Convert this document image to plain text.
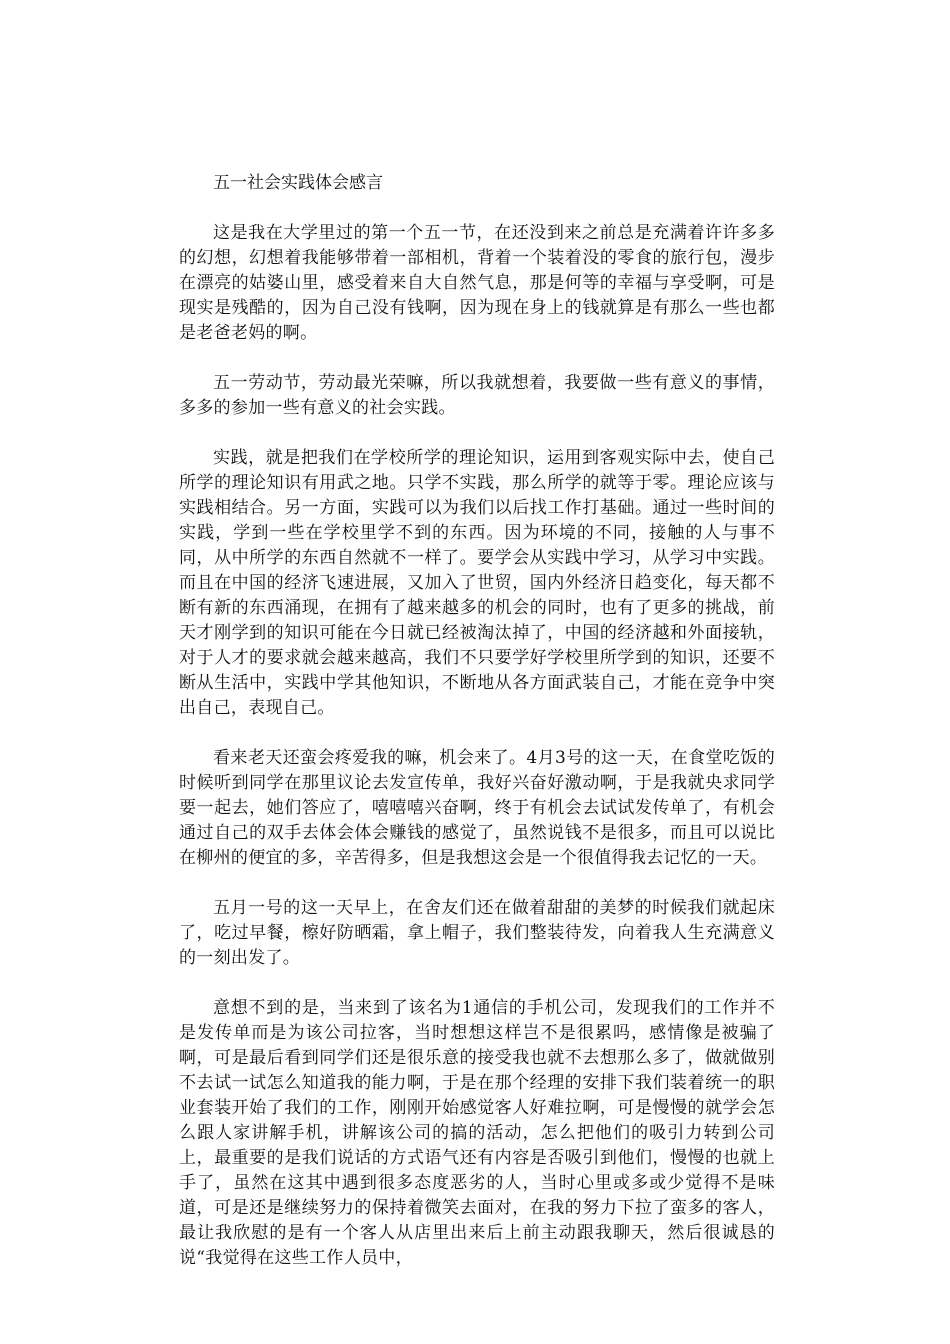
五一社会实践体会感言

这是我在大学里过的第一个五一节，在还没到来之前总是充满着许许多多的幻想，幻想着我能够带着一部相机，背着一个装着没的零食的旅行包，漫步在漂亮的姑婆山里，感受着来自大自然气息，那是何等的幸福与享受啊，可是现实是残酷的，因为自己没有钱啊，因为现在身上的钱就算是有那么一些也都是老爸老妈的啊。

五一劳动节，劳动最光荣嘛，所以我就想着，我要做一些有意义的事情，多多的参加一些有意义的社会实践。

实践，就是把我们在学校所学的理论知识，运用到客观实际中去，使自己所学的理论知识有用武之地。只学不实践，那么所学的就等于零。理论应该与实践相结合。另一方面，实践可以为我们以后找工作打基础。通过一些时间的实践，学到一些在学校里学不到的东西。因为环境的不同，接触的人与事不同，从中所学的东西自然就不一样了。要学会从实践中学习，从学习中实践。而且在中国的经济飞速进展，又加入了世贸，国内外经济日趋变化，每天都不断有新的东西涌现，在拥有了越来越多的机会的同时，也有了更多的挑战，前天才刚学到的知识可能在今日就已经被淘汰掉了，中国的经济越和外面接轨，对于人才的要求就会越来越高，我们不只要学好学校里所学到的知识，还要不断从生活中，实践中学其他知识，不断地从各方面武装自己，才能在竞争中突出自己，表现自己。

看来老天还蛮会疼爱我的嘛，机会来了。4月3号的这一天，在食堂吃饭的时候听到同学在那里议论去发宣传单，我好兴奋好激动啊，于是我就央求同学要一起去，她们答应了，嘻嘻嘻兴奋啊，终于有机会去试试发传单了，有机会通过自己的双手去体会体会赚钱的感觉了，虽然说钱不是很多，而且可以说比在柳州的便宜的多，辛苦得多，但是我想这会是一个很值得我去记忆的一天。

五月一号的这一天早上，在舍友们还在做着甜甜的美梦的时候我们就起床了，吃过早餐，檫好防晒霜，拿上帽子，我们整装待发，向着我人生充满意义的一刻出发了。

意想不到的是，当来到了该名为1通信的手机公司，发现我们的工作并不是发传单而是为该公司拉客，当时想想这样岂不是很累吗，感情像是被骗了啊，可是最后看到同学们还是很乐意的接受我也就不去想那么多了，做就做别不去试一试怎么知道我的能力啊，于是在那个经理的安排下我们装着统一的职业套装开始了我们的工作，刚刚开始感觉客人好难拉啊，可是慢慢的就学会怎么跟人家讲解手机，讲解该公司的搞的活动，怎么把他们的吸引力转到公司上，最重要的是我们说话的方式语气还有内容是否吸引到他们，慢慢的也就上手了，虽然在这其中遇到很多态度恶劣的人，当时心里或多或少觉得不是味道，可是还是继续努力的保持着微笑去面对，在我的努力下拉了蛮多的客人，最让我欣慰的是有一个客人从店里出来后上前主动跟我聊天，然后很诚恳的说“我觉得在这些工作人员中，
